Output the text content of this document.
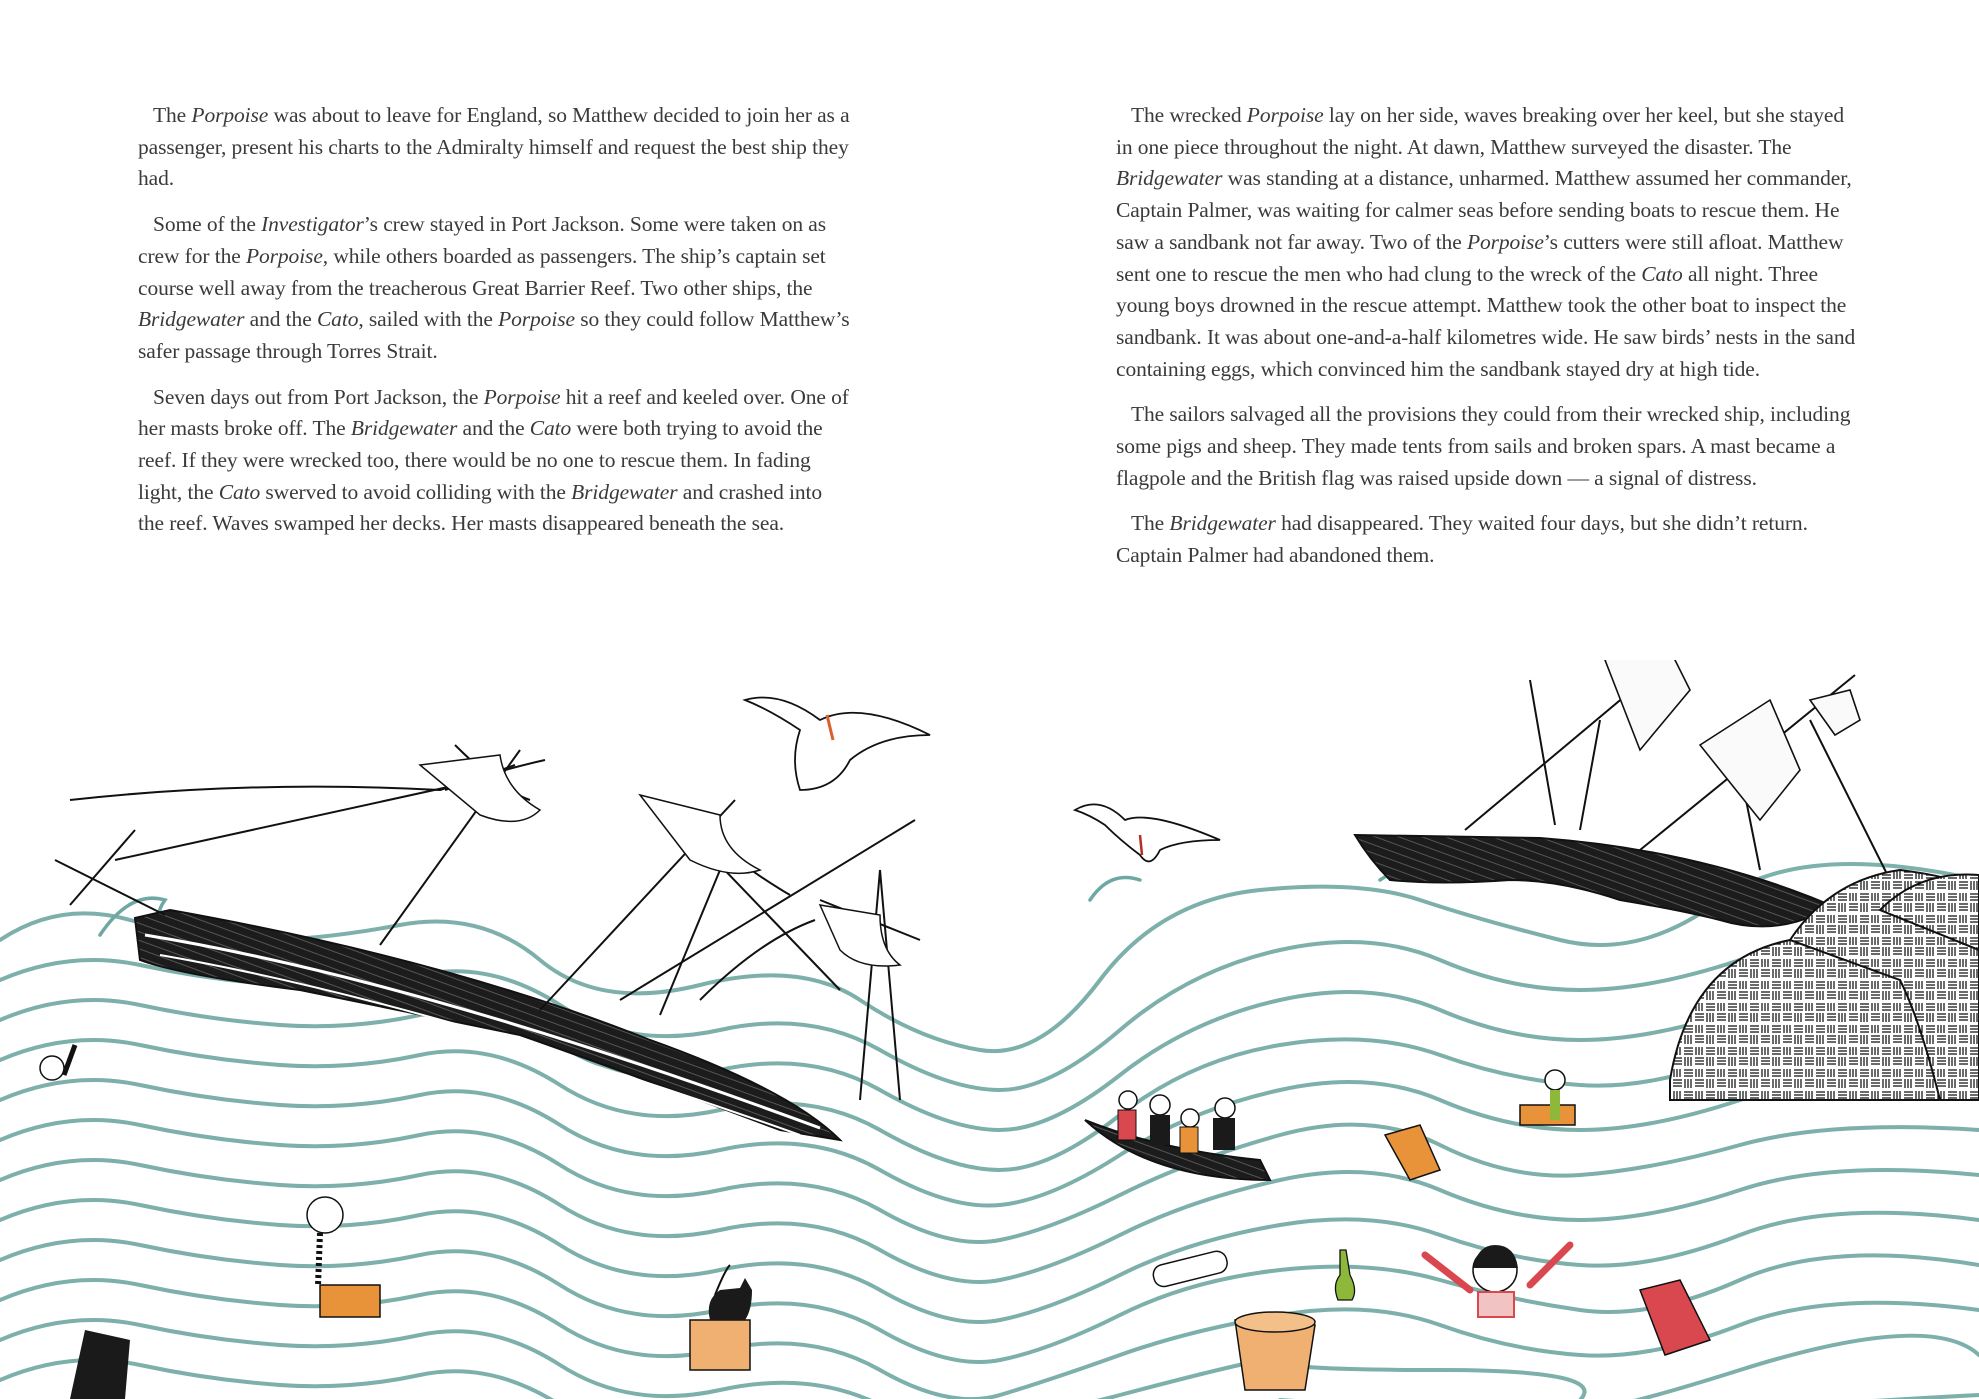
The Porpoise was about to leave for England, so Matthew decided to join her as a passenger, present his charts to the Admiralty himself and request the best ship they had.

Some of the Investigator’s crew stayed in Port Jackson. Some were taken on as crew for the Porpoise, while others boarded as passengers. The ship’s captain set course well away from the treacherous Great Barrier Reef. Two other ships, the Bridgewater and the Cato, sailed with the Porpoise so they could follow Matthew’s safer passage through Torres Strait.

Seven days out from Port Jackson, the Porpoise hit a reef and keeled over. One of her masts broke off. The Bridgewater and the Cato were both trying to avoid the reef. If they were wrecked too, there would be no one to rescue them. In fading light, the Cato swerved to avoid colliding with the Bridgewater and crashed into the reef. Waves swamped her decks. Her masts disappeared beneath the sea.

The wrecked Porpoise lay on her side, waves breaking over her keel, but she stayed in one piece throughout the night. At dawn, Matthew surveyed the disaster. The Bridgewater was standing at a distance, unharmed. Matthew assumed her commander, Captain Palmer, was waiting for calmer seas before sending boats to rescue them. He saw a sandbank not far away. Two of the Porpoise’s cutters were still afloat. Matthew sent one to rescue the men who had clung to the wreck of the Cato all night. Three young boys drowned in the rescue attempt. Matthew took the other boat to inspect the sandbank. It was about one-and-a-half kilometres wide. He saw birds’ nests in the sand containing eggs, which convinced him the sandbank stayed dry at high tide.

The sailors salvaged all the provisions they could from their wrecked ship, including some pigs and sheep. They made tents from sails and broken spars. A mast became a flagpole and the British flag was raised upside down — a signal of distress.

The Bridgewater had disappeared. They waited four days, but she didn’t return. Captain Palmer had abandoned them.
